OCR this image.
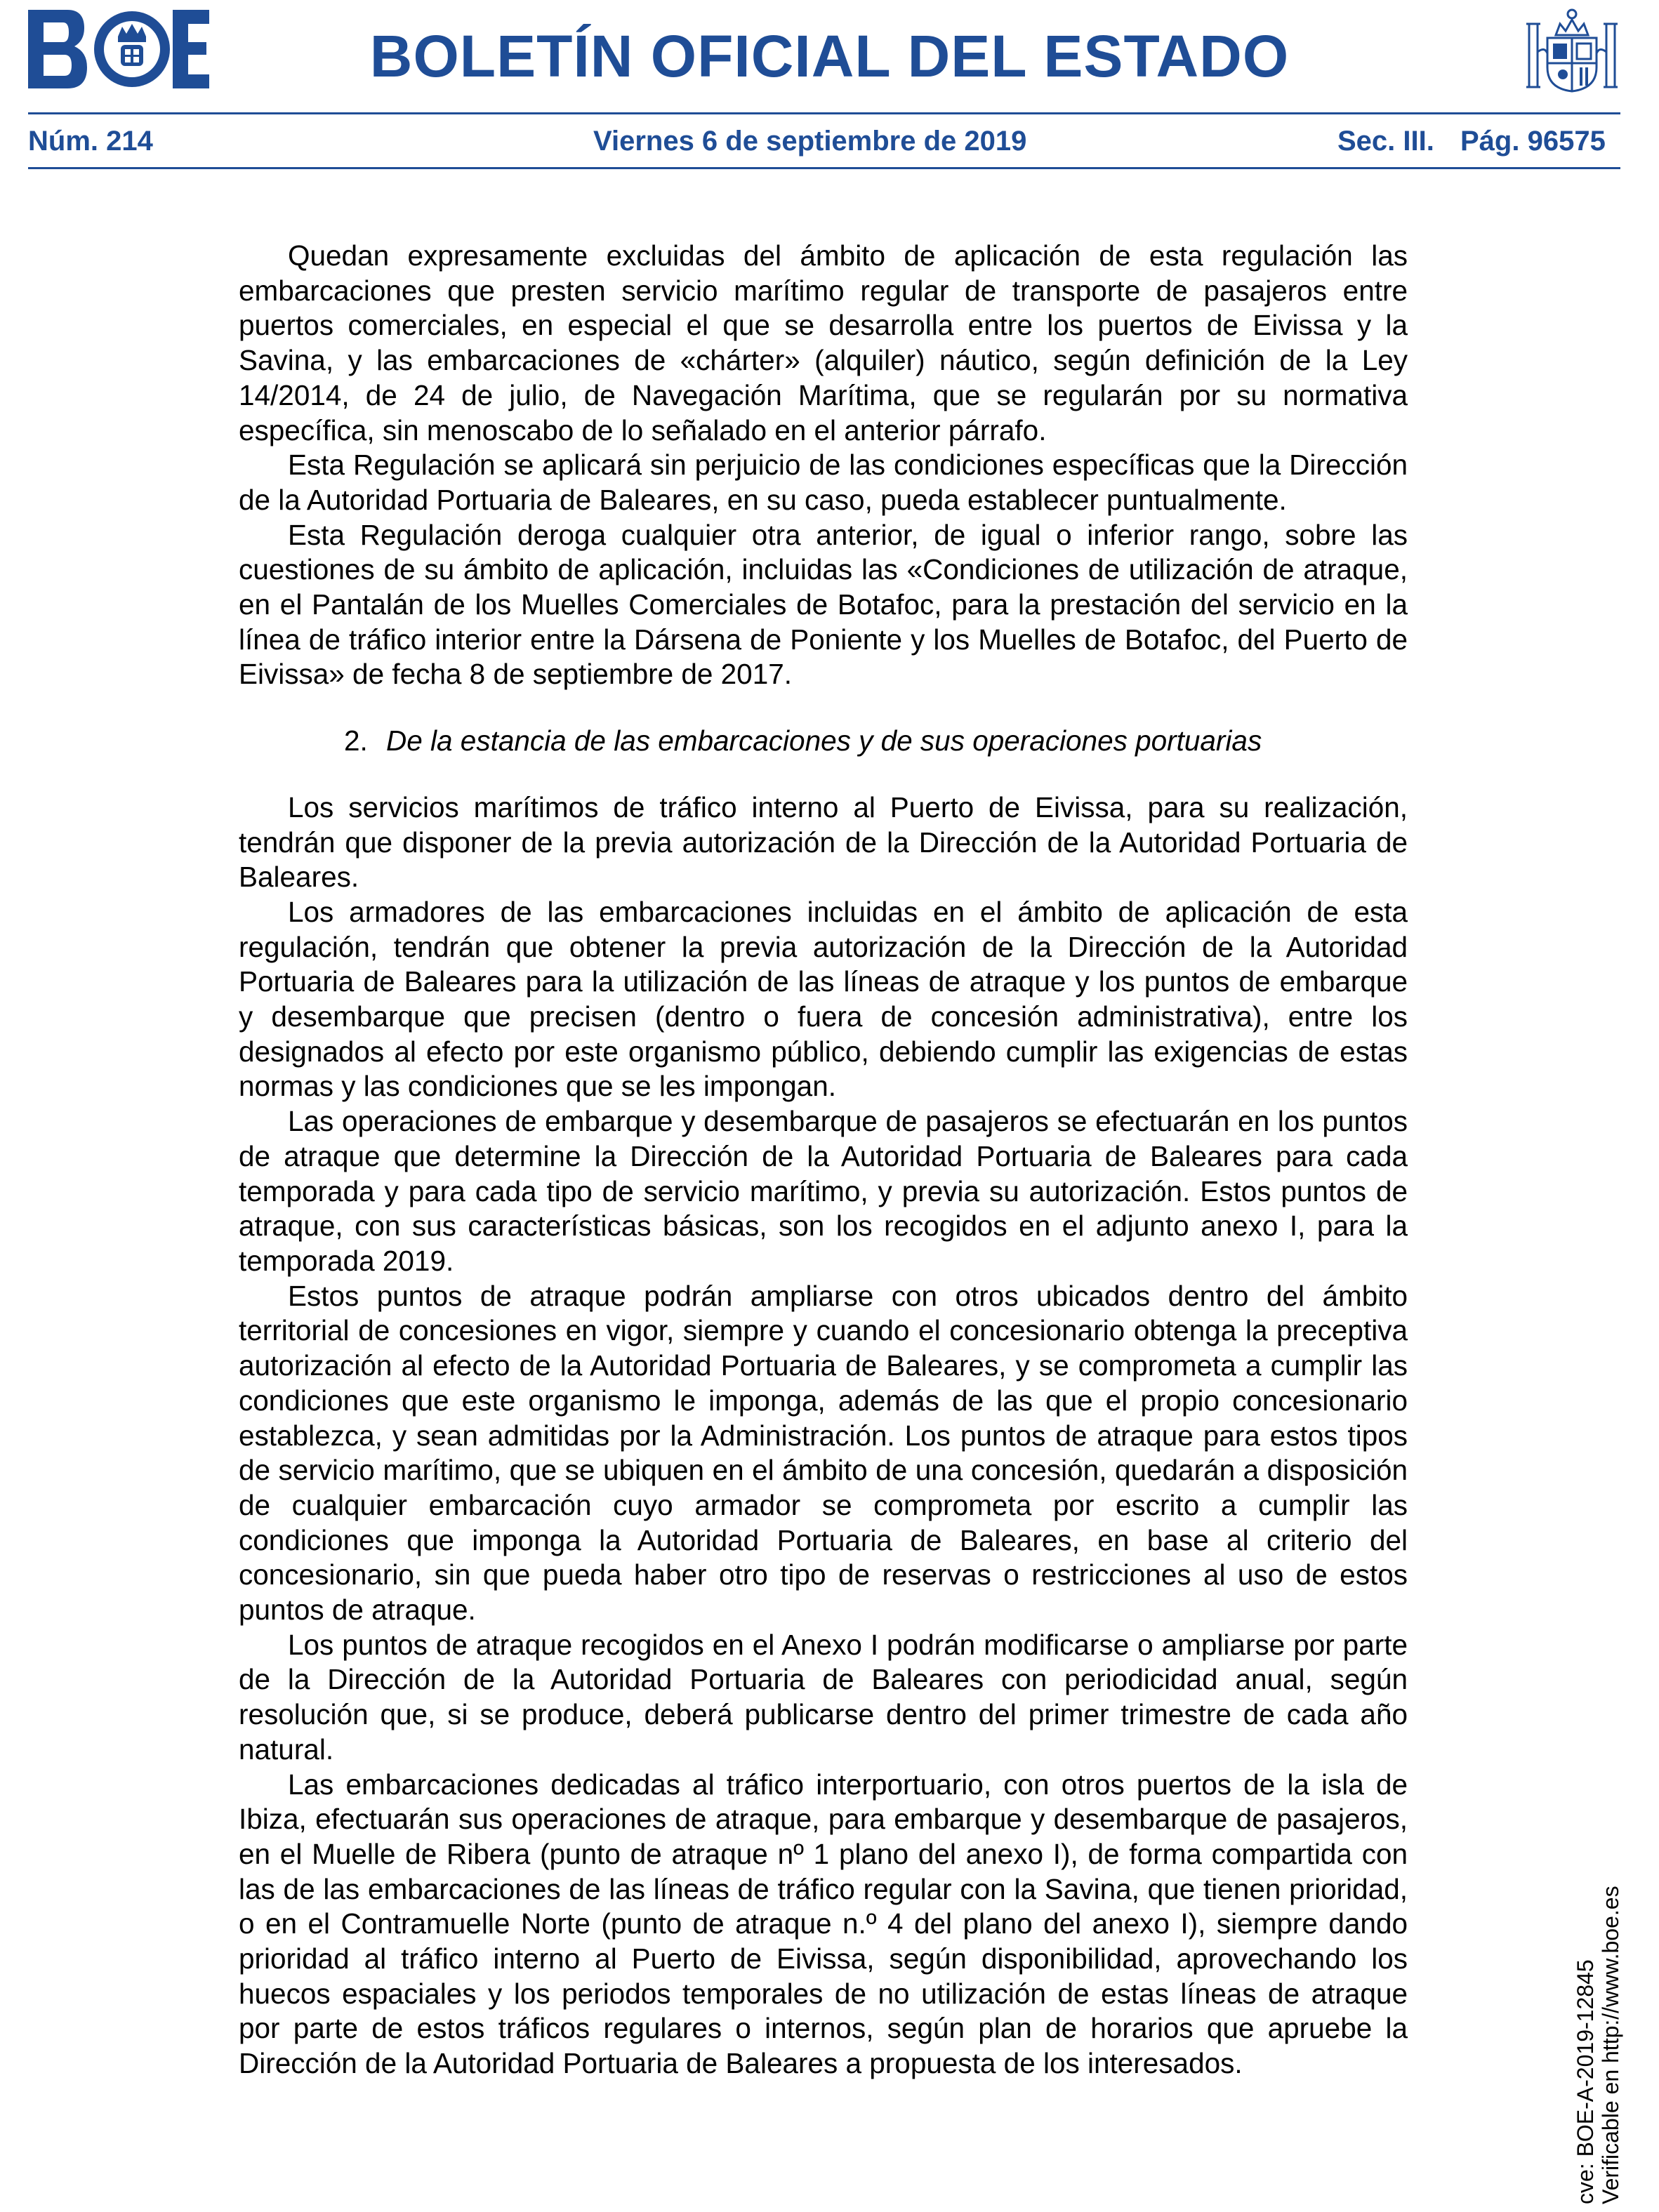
BOLETÍN OFICIAL DEL ESTADO
Núm. 214	Viernes 6 de septiembre de 2019	Sec. III. Pág. 96575

Quedan expresamente excluidas del ámbito de aplicación de esta regulación las embarcaciones que presten servicio marítimo regular de transporte de pasajeros entre puertos comerciales, en especial el que se desarrolla entre los puertos de Eivissa y la Savina, y las embarcaciones de «chárter» (alquiler) náutico, según definición de la Ley 14/2014, de 24 de julio, de Navegación Marítima, que se regularán por su normativa específica, sin menoscabo de lo señalado en el anterior párrafo.

Esta Regulación se aplicará sin perjuicio de las condiciones específicas que la Dirección de la Autoridad Portuaria de Baleares, en su caso, pueda establecer puntualmente.

Esta Regulación deroga cualquier otra anterior, de igual o inferior rango, sobre las cuestiones de su ámbito de aplicación, incluidas las «Condiciones de utilización de atraque, en el Pantalán de los Muelles Comerciales de Botafoc, para la prestación del servicio en la línea de tráfico interior entre la Dársena de Poniente y los Muelles de Botafoc, del Puerto de Eivissa» de fecha 8 de septiembre de 2017.

2. De la estancia de las embarcaciones y de sus operaciones portuarias

Los servicios marítimos de tráfico interno al Puerto de Eivissa, para su realización, tendrán que disponer de la previa autorización de la Dirección de la Autoridad Portuaria de Baleares.

Los armadores de las embarcaciones incluidas en el ámbito de aplicación de esta regulación, tendrán que obtener la previa autorización de la Dirección de la Autoridad Portuaria de Baleares para la utilización de las líneas de atraque y los puntos de embarque y desembarque que precisen (dentro o fuera de concesión administrativa), entre los designados al efecto por este organismo público, debiendo cumplir las exigencias de estas normas y las condiciones que se les impongan.

Las operaciones de embarque y desembarque de pasajeros se efectuarán en los puntos de atraque que determine la Dirección de la Autoridad Portuaria de Baleares para cada temporada y para cada tipo de servicio marítimo, y previa su autorización. Estos puntos de atraque, con sus características básicas, son los recogidos en el adjunto anexo I, para la temporada 2019.

Estos puntos de atraque podrán ampliarse con otros ubicados dentro del ámbito territorial de concesiones en vigor, siempre y cuando el concesionario obtenga la preceptiva autorización al efecto de la Autoridad Portuaria de Baleares, y se comprometa a cumplir las condiciones que este organismo le imponga, además de las que el propio concesionario establezca, y sean admitidas por la Administración. Los puntos de atraque para estos tipos de servicio marítimo, que se ubiquen en el ámbito de una concesión, quedarán a disposición de cualquier embarcación cuyo armador se comprometa por escrito a cumplir las condiciones que imponga la Autoridad Portuaria de Baleares, en base al criterio del concesionario, sin que pueda haber otro tipo de reservas o restricciones al uso de estos puntos de atraque.

Los puntos de atraque recogidos en el Anexo I podrán modificarse o ampliarse por parte de la Dirección de la Autoridad Portuaria de Baleares con periodicidad anual, según resolución que, si se produce, deberá publicarse dentro del primer trimestre de cada año natural.

Las embarcaciones dedicadas al tráfico interportuario, con otros puertos de la isla de Ibiza, efectuarán sus operaciones de atraque, para embarque y desembarque de pasajeros, en el Muelle de Ribera (punto de atraque nº 1 plano del anexo I), de forma compartida con las de las embarcaciones de las líneas de tráfico regular con la Savina, que tienen prioridad, o en el Contramuelle Norte (punto de atraque n.º 4 del plano del anexo I), siempre dando prioridad al tráfico interno al Puerto de Eivissa, según disponibilidad, aprovechando los huecos espaciales y los periodos temporales de no utilización de estas líneas de atraque por parte de estos tráficos regulares o internos, según plan de horarios que apruebe la Dirección de la Autoridad Portuaria de Baleares a propuesta de los interesados.	cve: BOE-A-2019-12845 Verificable en http://www.boe.es
